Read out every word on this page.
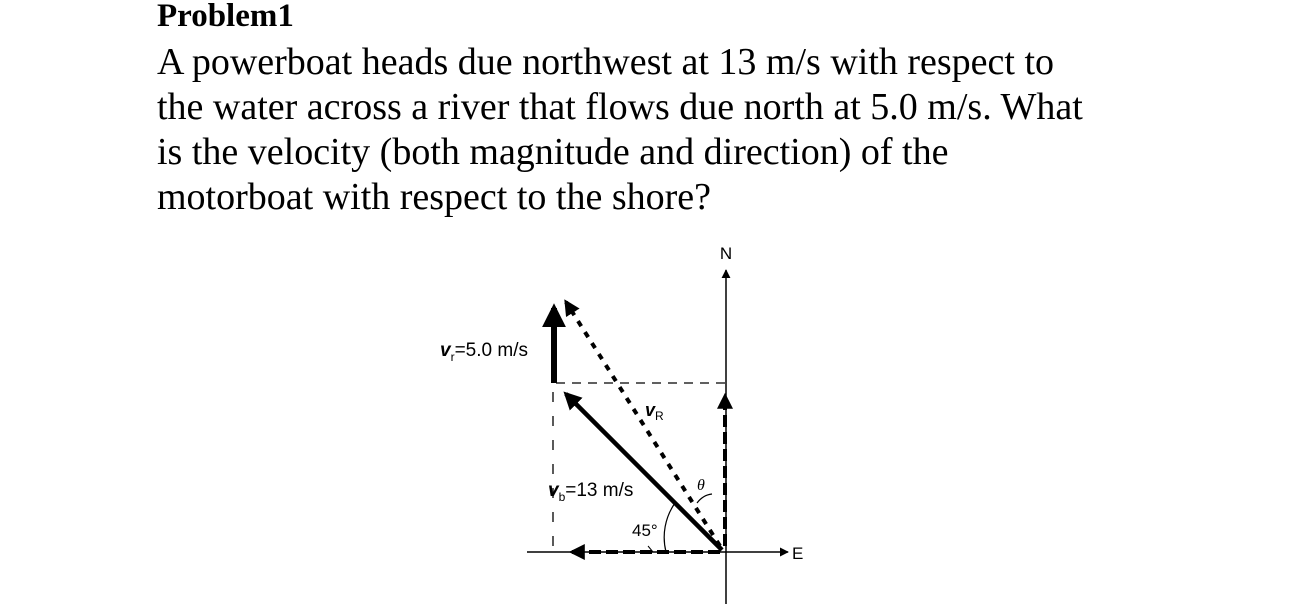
Problem1
A powerboat heads due northwest at 13 m/s with respect to
the water across a river that flows due north at 5.0 m/s. What
is the velocity (both magnitude and direction) of the
motorboat with respect to the shore?
N
E
$v_r=5.0$ m/s
$v_b=13$ m/s
$v_R$
45°
θ
